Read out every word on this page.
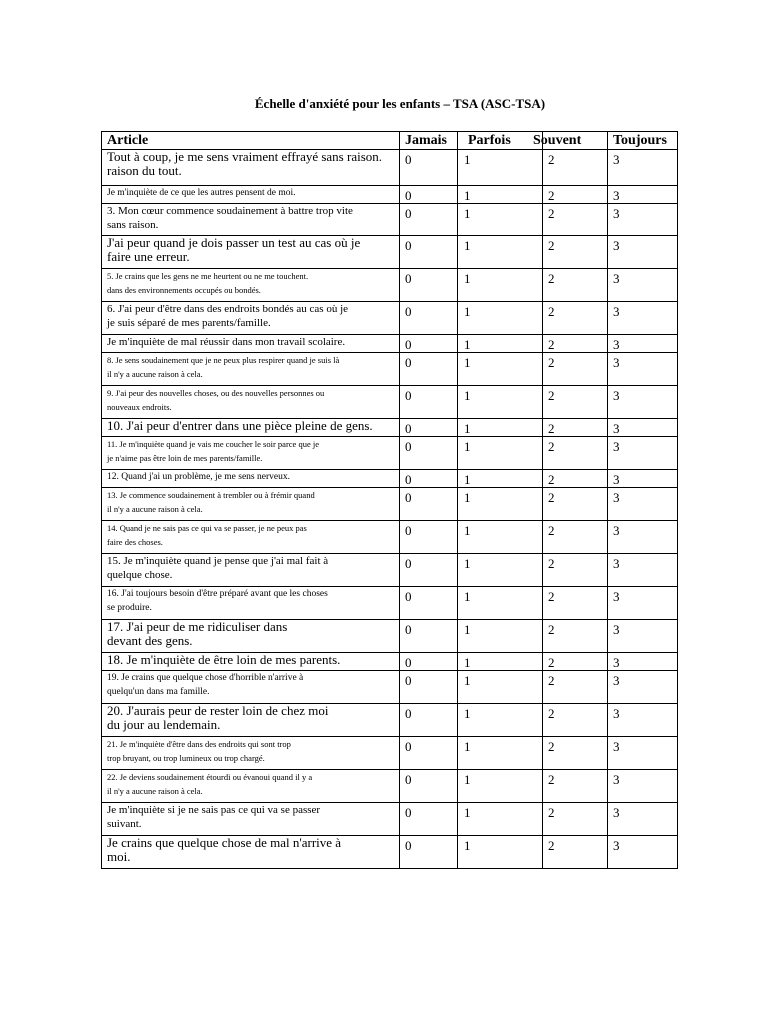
Échelle d'anxiété pour les enfants – TSA (ASC-TSA)
Article	Jamais	Parfois	Souvent	Toujours

Tout à coup, je me sens vraiment effrayé sans raison.
raison du tout.	0	1	2	3

Je m'inquiète de ce que les autres pensent de moi.	0	1	2	3

3. Mon cœur commence soudainement à battre trop vite
sans raison.	0	1	2	3

J'ai peur quand je dois passer un test au cas où je
faire une erreur.	0	1	2	3

5. Je crains que les gens ne me heurtent ou ne me touchent.
dans des environnements occupés ou bondés.	0	1	2	3

6. J'ai peur d'être dans des endroits bondés au cas où je
je suis séparé de mes parents/famille.	0	1	2	3

Je m'inquiète de mal réussir dans mon travail scolaire.	0	1	2	3

8. Je sens soudainement que je ne peux plus respirer quand je suis là
il n'y a aucune raison à cela.	0	1	2	3

9. J'ai peur des nouvelles choses, ou des nouvelles personnes ou
nouveaux endroits.	0	1	2	3

10. J'ai peur d'entrer dans une pièce pleine de gens.	0	1	2	3

11. Je m'inquiète quand je vais me coucher le soir parce que je
je n'aime pas être loin de mes parents/famille.	0	1	2	3

12. Quand j'ai un problème, je me sens nerveux.	0	1	2	3

13. Je commence soudainement à trembler ou à frémir quand
il n'y a aucune raison à cela.	0	1	2	3

14. Quand je ne sais pas ce qui va se passer, je ne peux pas
faire des choses.	0	1	2	3

15. Je m'inquiète quand je pense que j'ai mal fait à
quelque chose.	0	1	2	3

16. J'ai toujours besoin d'être préparé avant que les choses
se produire.	0	1	2	3

17. J'ai peur de me ridiculiser dans
devant des gens.	0	1	2	3

18. Je m'inquiète de être loin de mes parents.	0	1	2	3

19. Je crains que quelque chose d'horrible n'arrive à
quelqu'un dans ma famille.	0	1	2	3

20. J'aurais peur de rester loin de chez moi
du jour au lendemain.	0	1	2	3

21. Je m'inquiète d'être dans des endroits qui sont trop
trop bruyant, ou trop lumineux ou trop chargé.	0	1	2	3

22. Je deviens soudainement étourdi ou évanoui quand il y a
il n'y a aucune raison à cela.	0	1	2	3

Je m'inquiète si je ne sais pas ce qui va se passer
suivant.	0	1	2	3

Je crains que quelque chose de mal n'arrive à
moi.	0	1	2	3
